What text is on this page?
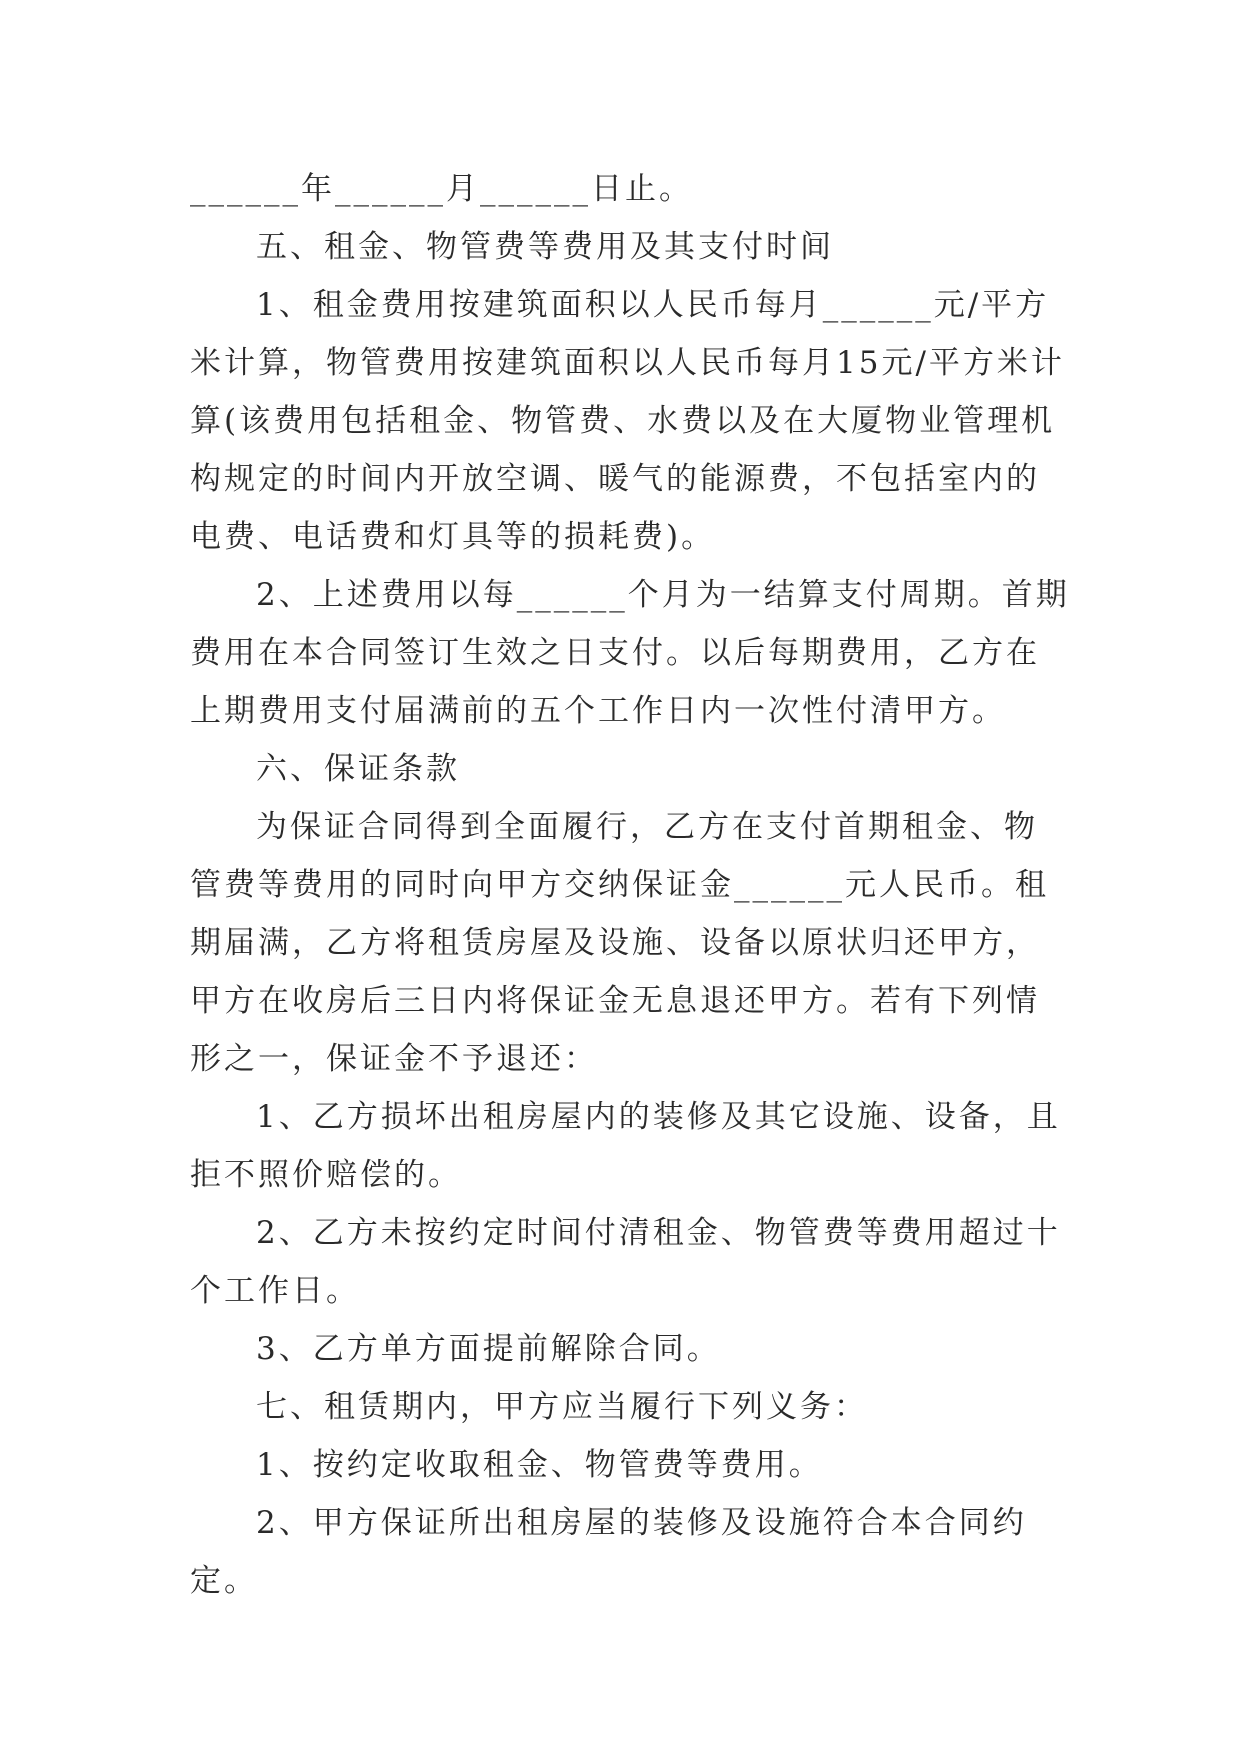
______年______月______日止。

五、租金、物管费等费用及其支付时间

1、租金费用按建筑面积以人民币每月______元/平方米计算，物管费用按建筑面积以人民币每月15元/平方米计算(该费用包括租金、物管费、水费以及在大厦物业管理机构规定的时间内开放空调、暖气的能源费，不包括室内的电费、电话费和灯具等的损耗费)。

2、上述费用以每______个月为一结算支付周期。首期费用在本合同签订生效之日支付。以后每期费用，乙方在上期费用支付届满前的五个工作日内一次性付清甲方。

六、保证条款

为保证合同得到全面履行，乙方在支付首期租金、物管费等费用的同时向甲方交纳保证金______元人民币。租期届满，乙方将租赁房屋及设施、设备以原状归还甲方，甲方在收房后三日内将保证金无息退还甲方。若有下列情形之一，保证金不予退还：

1、乙方损坏出租房屋内的装修及其它设施、设备，且拒不照价赔偿的。

2、乙方未按约定时间付清租金、物管费等费用超过十个工作日。

3、乙方单方面提前解除合同。

七、租赁期内，甲方应当履行下列义务：

1、按约定收取租金、物管费等费用。

2、甲方保证所出租房屋的装修及设施符合本合同约定。
